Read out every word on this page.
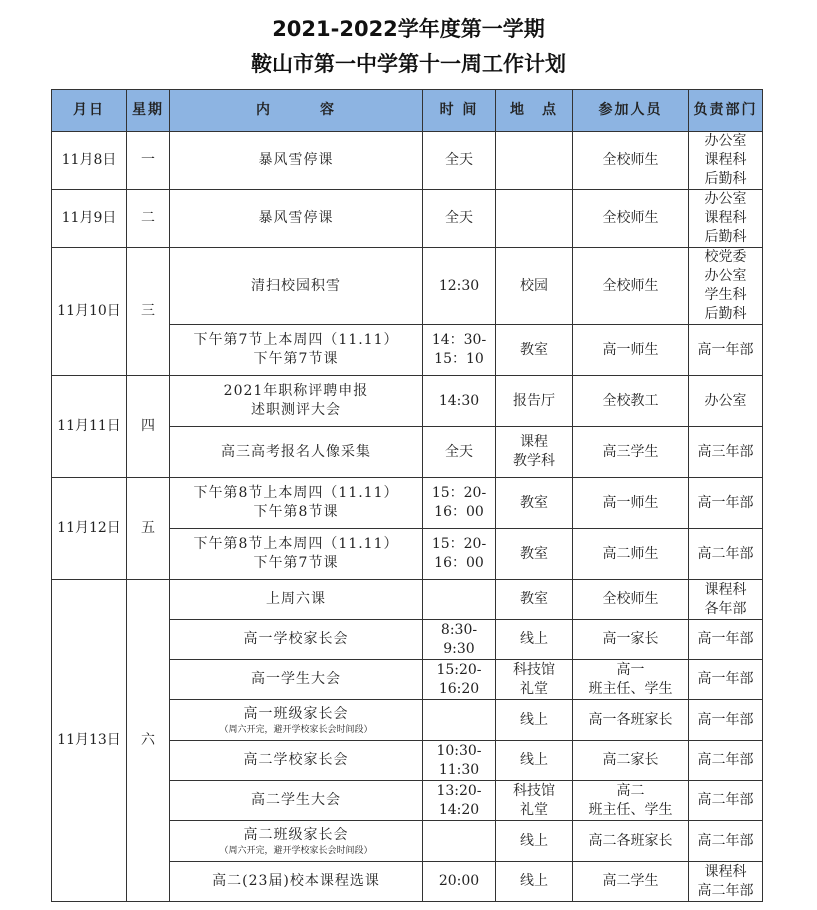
2021-2022学年度第一学期
鞍山市第一中学第十一周工作计划
月日	星期	内　　　容	时 间	地　点	参加人员	负责部门
11月8日	一	暴风雪停课	全天		全校师生	办公室
课程科
后勤科

11月9日	二	暴风雪停课	全天		全校师生	办公室
课程科
后勤科

11月10日	三	清扫校园积雪	12:30	校园	全校师生	校党委
办公室
学生科
后勤科

		下午第7节上本周四（11.11）
下午第7节课	14：30-
15：10	教室	高一师生	高一年部

11月11日	四	2021年职称评聘申报
述职测评大会	14:30	报告厅	全校教工	办公室

		高三高考报名人像采集	全天	课程
教学科	高三学生	高三年部

11月12日	五	下午第8节上本周四（11.11）
下午第8节课	15：20-
16：00	教室	高一师生	高一年部

		下午第8节上本周四（11.11）
下午第7节课	15：20-
16：00	教室	高二师生	高二年部

11月13日	六	上周六课		教室	全校师生	课程科
各年部

		高一学校家长会	8:30-
9:30	线上	高一家长	高一年部

		高一学生大会	15:20-
16:20	科技馆
礼堂	高一
班主任、学生	高一年部

		高一班级家长会
（周六开完，避开学校家长会时间段）		线上	高一各班家长	高一年部

		高二学校家长会	10:30-
11:30	线上	高二家长	高二年部

		高二学生大会	13:20-
14:20	科技馆
礼堂	高二
班主任、学生	高二年部

		高二班级家长会
（周六开完，避开学校家长会时间段）		线上	高二各班家长	高二年部

		高二(23届)校本课程选课	20:00	线上	高二学生	课程科
高二年部
